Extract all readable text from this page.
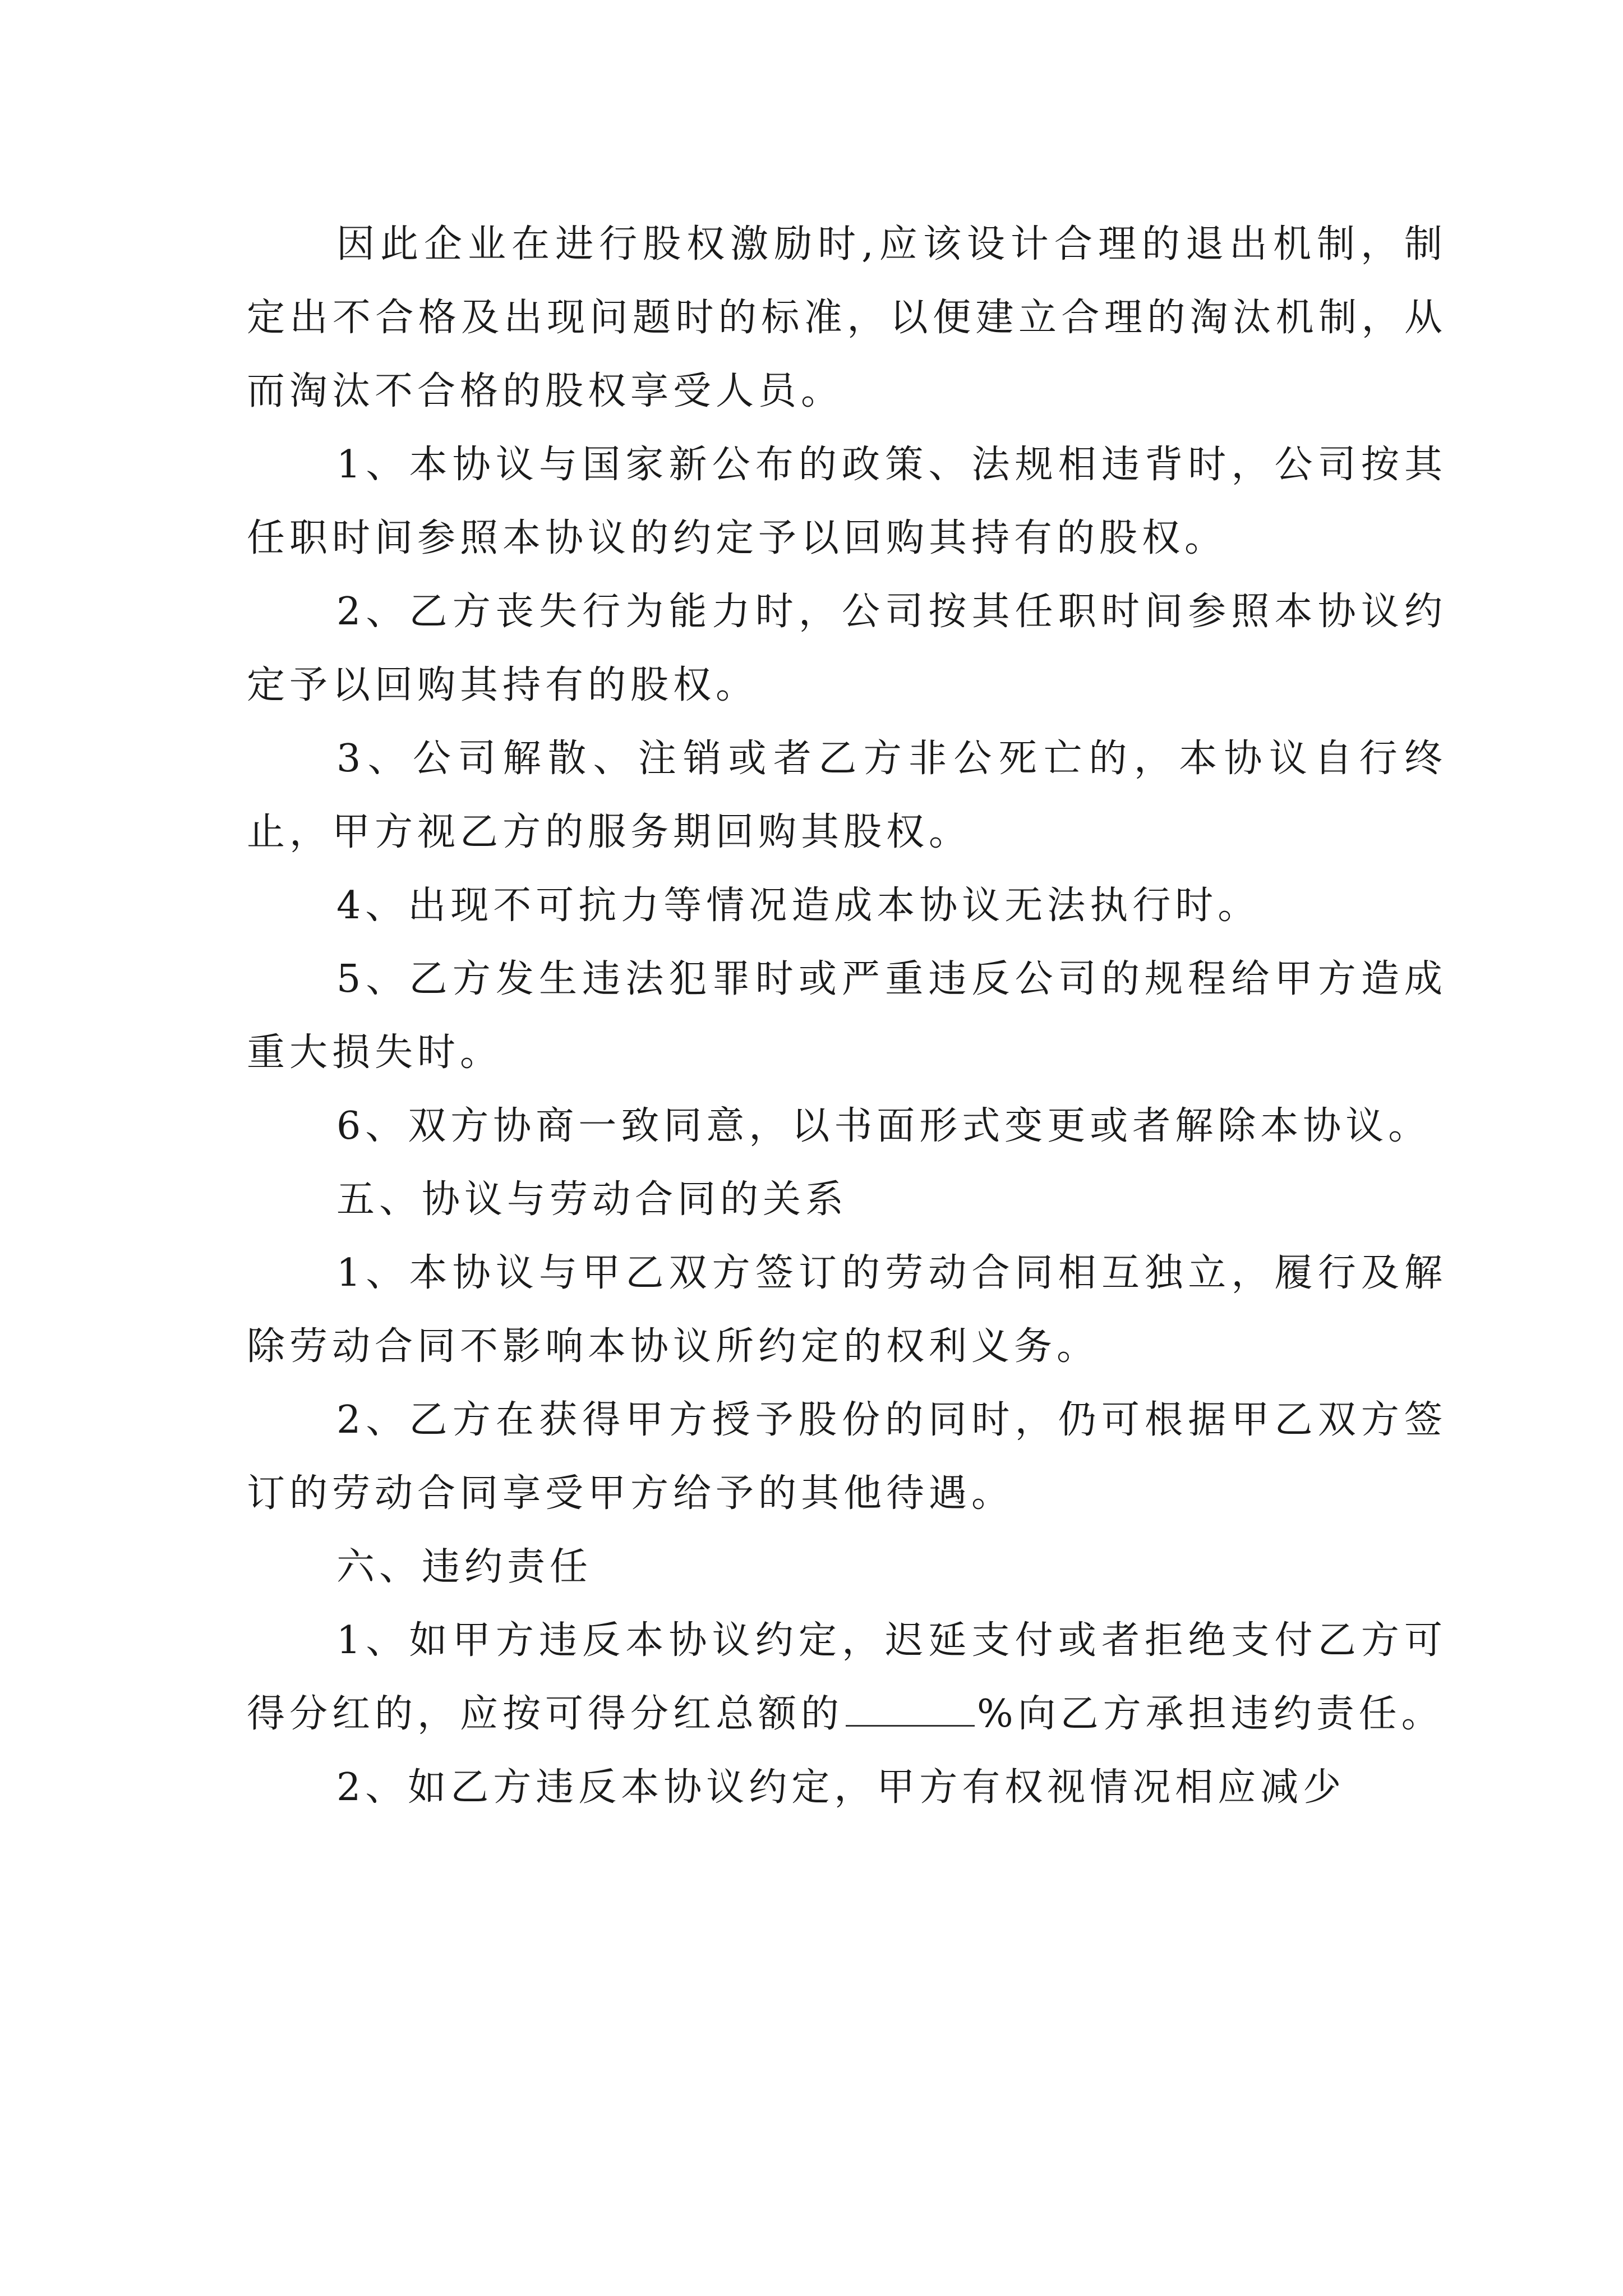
因此企业在进行股权激励时,应该设计合理的退出机制，制定出不合格及出现问题时的标准，以便建立合理的淘汰机制，从而淘汰不合格的股权享受人员。

1、本协议与国家新公布的政策、法规相违背时，公司按其任职时间参照本协议的约定予以回购其持有的股权。

2、乙方丧失行为能力时，公司按其任职时间参照本协议约定予以回购其持有的股权。

3、公司解散、注销或者乙方非公死亡的，本协议自行终止，甲方视乙方的服务期回购其股权。

4、出现不可抗力等情况造成本协议无法执行时。

5、乙方发生违法犯罪时或严重违反公司的规程给甲方造成重大损失时。

6、双方协商一致同意，以书面形式变更或者解除本协议。

五、协议与劳动合同的关系

1、本协议与甲乙双方签订的劳动合同相互独立，履行及解除劳动合同不影响本协议所约定的权利义务。

2、乙方在获得甲方授予股份的同时，仍可根据甲乙双方签订的劳动合同享受甲方给予的其他待遇。

六、违约责任

1、如甲方违反本协议约定，迟延支付或者拒绝支付乙方可得分红的，应按可得分红总额的	%向乙方承担违约责任。

2、如乙方违反本协议约定，甲方有权视情况相应减少
